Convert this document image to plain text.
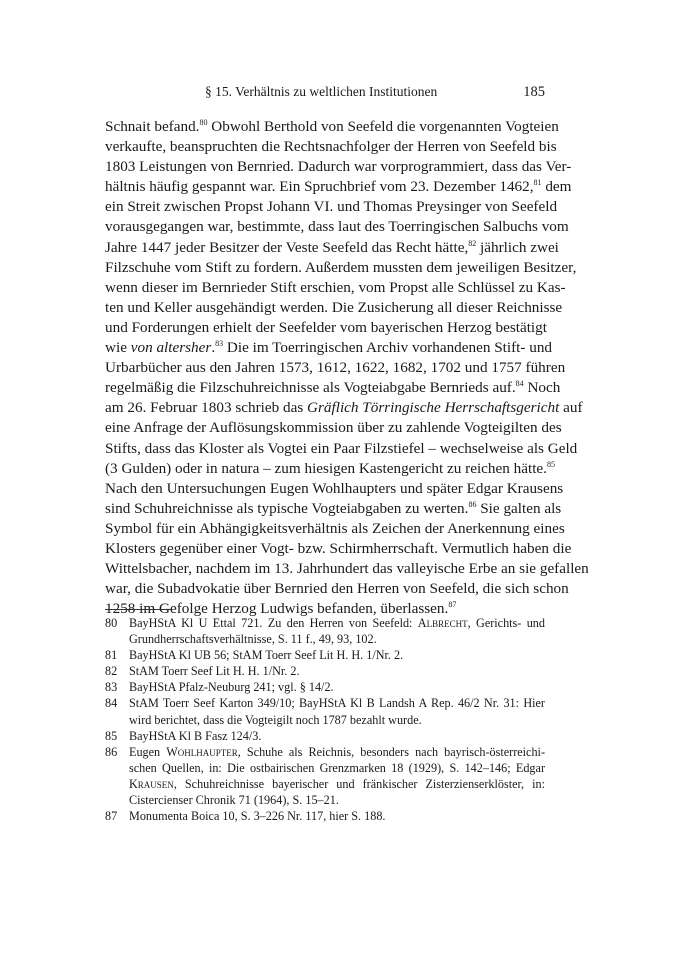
§ 15. Verhältnis zu weltlichen Institutionen	185
Schnait befand.$^{80}$ Obwohl Berthold von Seefeld die vorgenannten Vogteien
verkaufte, beanspruchten die Rechtsnachfolger der Herren von Seefeld bis
1803 Leistungen von Bernried. Dadurch war vorprogrammiert, dass das Ver-
hältnis häufig gespannt war. Ein Spruchbrief vom 23. Dezember 1462,81 dem
ein Streit zwischen Propst Johann VI. und Thomas Preysinger von Seefeld
vorausgegangen war, bestimmte, dass laut des Toerringischen Salbuchs vom
Jahre 1447 jeder Besitzer der Veste Seefeld das Recht hätte,$^{82}$ jährlich zwei
Filzschuhe vom Stift zu fordern. Außerdem mussten dem jeweiligen Besitzer,
wenn dieser im Bernrieder Stift erschien, vom Propst alle Schlüssel zu Kas-
ten und Keller ausgehändigt werden. Die Zusicherung all dieser Reichnisse
und Forderungen erhielt der Seefelder vom bayerischen Herzog bestätigt
wie von altersher.$^{83}$ Die im Toerringischen Archiv vorhandenen Stift- und
Urbarbücher aus den Jahren 1573, 1612, 1622, 1682, 1702 und 1757 führen
regelmäßig die Filzschuhreichnisse als Vogteiabgabe Bernrieds auf.$^{84}$ Noch
am 26. Februar 1803 schrieb das Gräflich Törringische Herrschaftsgericht auf
eine Anfrage der Auflösungskommission über zu zahlende Vogteigilten des
Stifts, dass das Kloster als Vogtei ein Paar Filzstiefel – wechselweise als Geld
(3 Gulden) oder in natura – zum hiesigen Kastengericht zu reichen hätte.$^{85}$
Nach den Untersuchungen Eugen Wohlhaupters und später Edgar Krausens
sind Schuhreichnisse als typische Vogteiabgaben zu werten.$^{86}$ Sie galten als
Symbol für ein Abhängigkeitsverhältnis als Zeichen der Anerkennung eines
Klosters gegenüber einer Vogt- bzw. Schirmherrschaft. Vermutlich haben die
Wittelsbacher, nachdem im 13. Jahrhundert das valleyische Erbe an sie gefallen
war, die Subadvokatie über Bernried den Herren von Seefeld, die sich schon
1258 im Gefolge Herzog Ludwigs befanden, überlassen.$^{87}$
80 BayHStA Kl U Ettal 721. Zu den Herren von Seefeld: Albrecht, Gerichts- und
Grundherrschaftsverhältnisse, S. 11 f., 49, 93, 102.
81 BayHStA Kl UB 56; StAM Toerr Seef Lit H. H. 1/Nr. 2.
82 StAM Toerr Seef Lit H. H. 1/Nr. 2.
83 BayHStA Pfalz-Neuburg 241; vgl. § 14/2.
84 StAM Toerr Seef Karton 349/10; BayHStA Kl B Landsh A Rep. 46/2 Nr. 31: Hier
wird berichtet, dass die Vogteigilt noch 1787 bezahlt wurde.
85 BayHStA Kl B Fasz 124/3.
86 Eugen Wohlhaupter, Schuhe als Reichnis, besonders nach bayrisch-österreichi-
schen Quellen, in: Die ostbairischen Grenzmarken 18 (1929), S. 142–146; Edgar
Krausen, Schuhreichnisse bayerischer und fränkischer Zisterzienserklöster, in:
Cistercienser Chronik 71 (1964), S. 15–21.
87 Monumenta Boica 10, S. 3–226 Nr. 117, hier S. 188.
